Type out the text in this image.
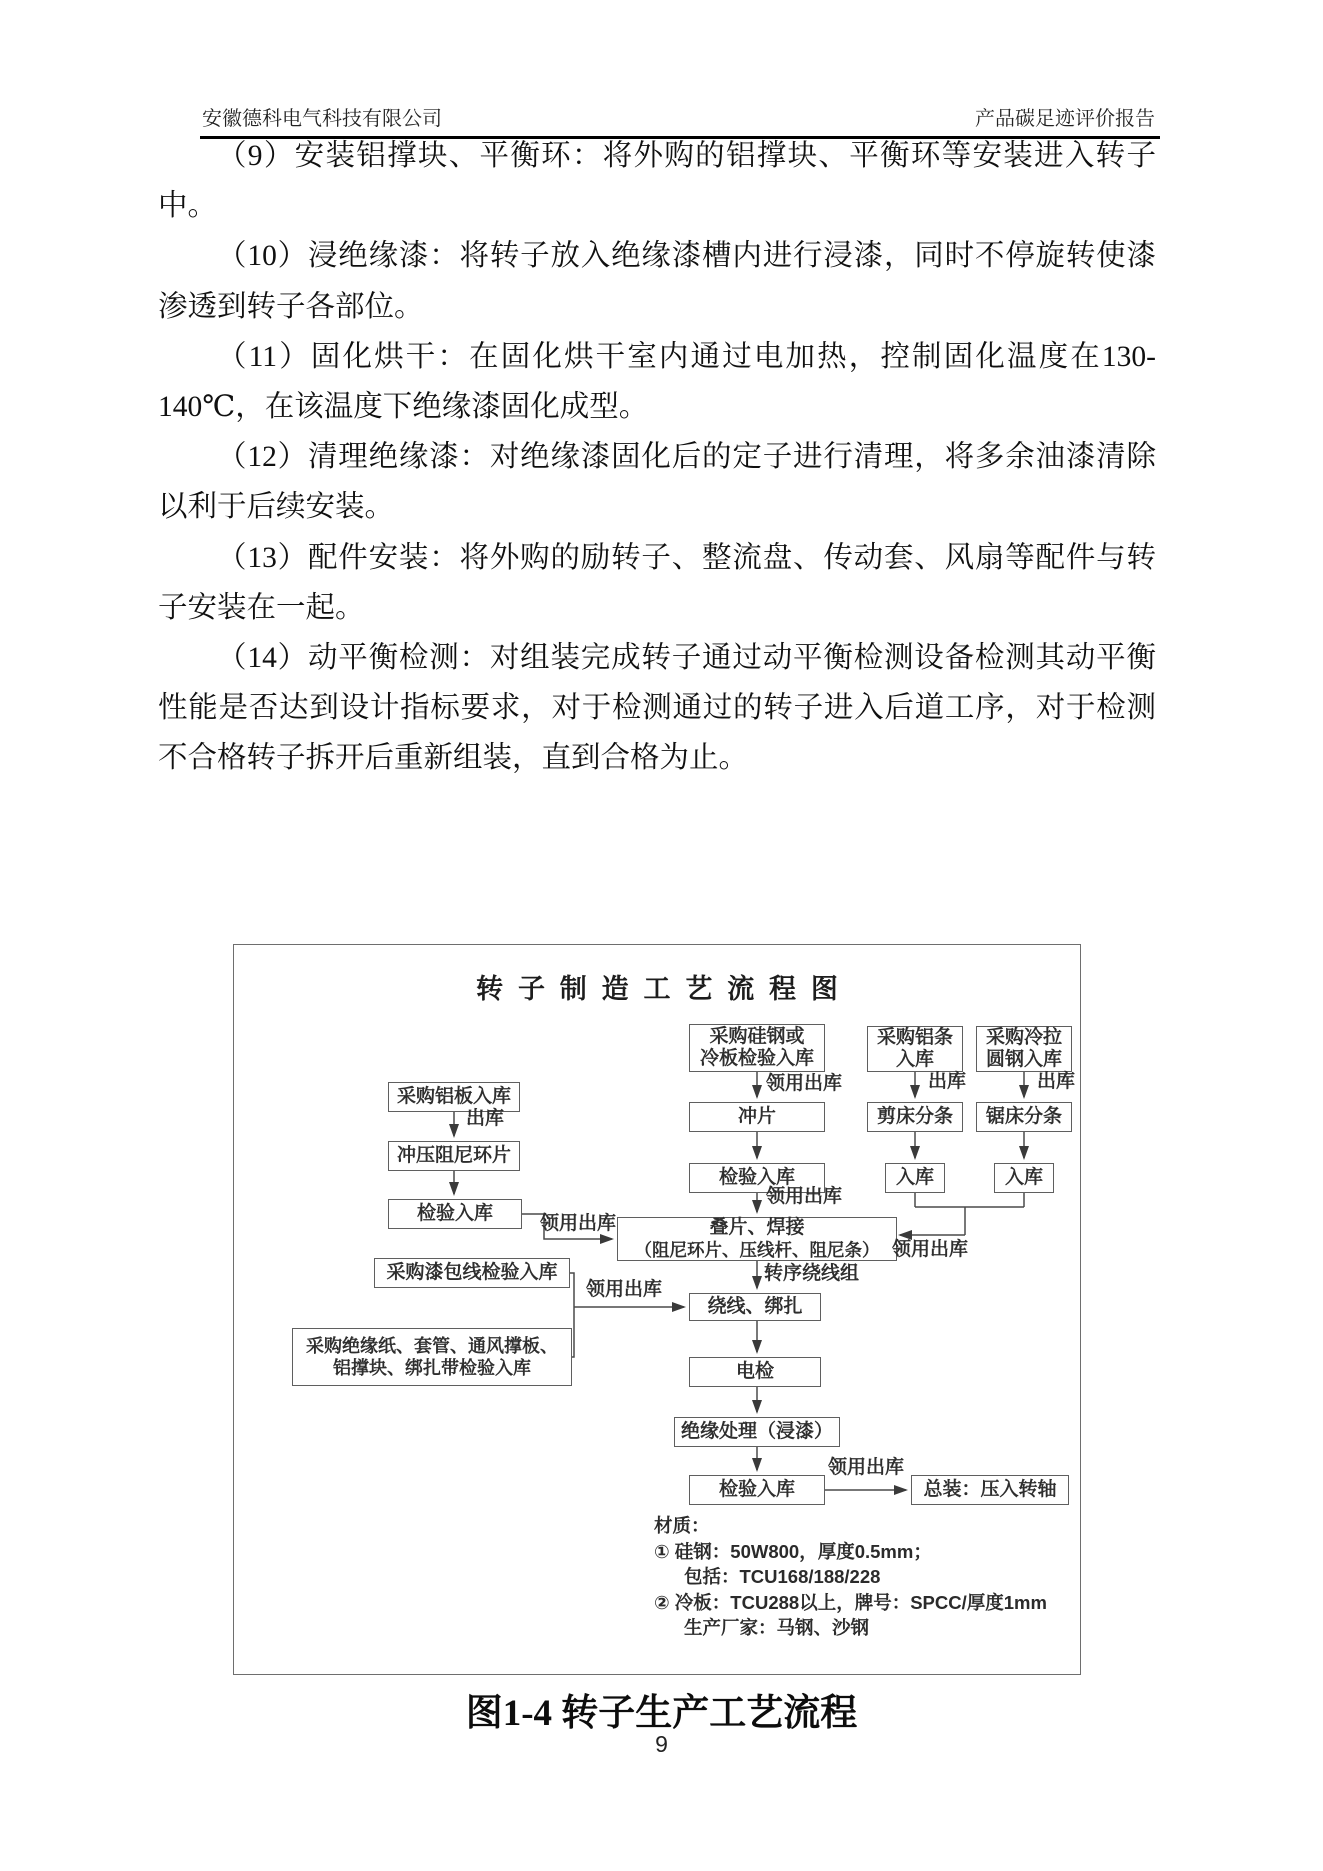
安徽德科电气科技有限公司	产品碳足迹评价报告

（9）安装铝撑块、平衡环：将外购的铝撑块、平衡环等安装进入转子中。

（10）浸绝缘漆：将转子放入绝缘漆槽内进行浸漆，同时不停旋转使漆渗透到转子各部位。

（11）固化烘干：在固化烘干室内通过电加热，控制固化温度在130-140℃，在该温度下绝缘漆固化成型。

（12）清理绝缘漆：对绝缘漆固化后的定子进行清理，将多余油漆清除以利于后续安装。

（13）配件安装：将外购的励转子、整流盘、传动套、风扇等配件与转子安装在一起。

（14）动平衡检测：对组装完成转子通过动平衡检测设备检测其动平衡性能是否达到设计指标要求，对于检测通过的转子进入后道工序，对于检测不合格转子拆开后重新组装，直到合格为止。

转子制造工艺流程图
采购硅钢或
冷板检验入库
冲片
检验入库
叠片、焊接
（阻尼环片、压线杆、阻尼条）
绕线、绑扎
电检
绝缘处理（浸漆）
检验入库	总装：压入转轴
采购铝条
入库
剪床分条
入库
采购冷拉
圆钢入库
锯床分条
入库
采购铝板入库
冲压阻尼环片
检验入库
采购漆包线检验入库
采购绝缘纸、套管、通风撑板、
铝撑块、绑扎带检验入库
领用出库	出库	出库
出库
领用出库
领用出库
领用出库
转序绕线组
领用出库
领用出库
材质：
① 硅钢：50W800，厚度0.5mm；
包括：TCU168/188/228
② 冷板：TCU288以上，牌号：SPCC/厚度1mm
生产厂家：马钢、沙钢
图1-4 转子生产工艺流程
9
